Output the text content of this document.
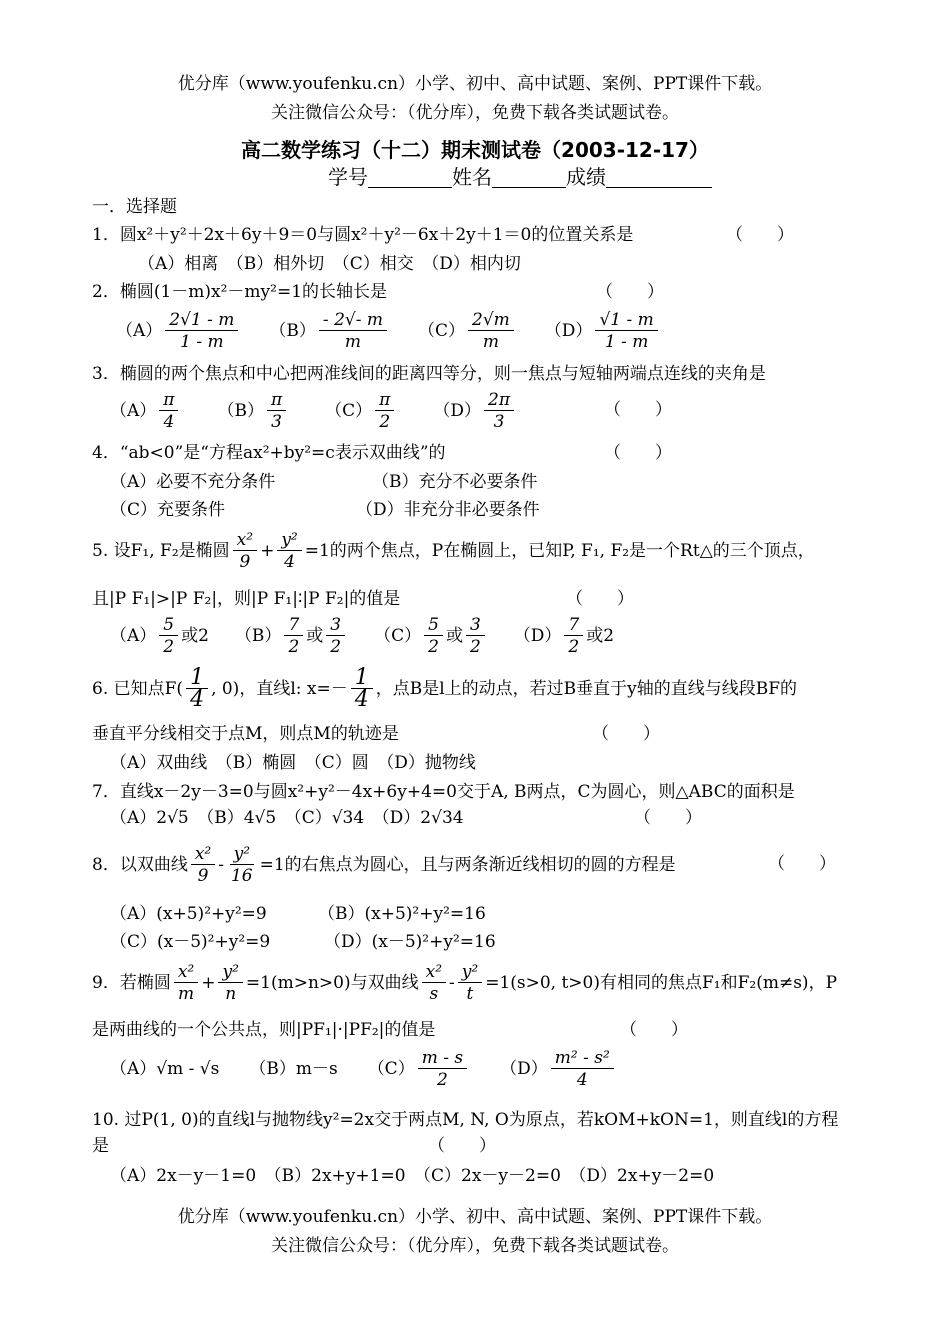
优分库（www.youfenku.cn）小学、初中、高中试题、案例、PPT课件下载。
关注微信公众号：（优分库），免费下载各类试题试卷。
高二数学练习（十二）期末测试卷（2003-12-17）
学号	姓名	成绩
一．选择题
1．圆x²＋y²＋2x＋6y＋9＝0与圆x²＋y²－6x＋2y＋1＝0的位置关系是	（　　）
（A）相离　（B）相外切　（C）相交　（D）相内切
2．椭圆(1－m)x²－my²=1的长轴长是	（　　）
$(A) \frac{2√1 - m}{1 - m} (B) \frac{- 2√- m}{m} (C) \frac{2√m}{m} (D) \frac{√1 - m}{1 - m}$
3．椭圆的两个焦点和中心把两准线间的距离四等分，则一焦点与短轴两端点连线的夹角是
$(A) \frac{\pi}{4} (B) \frac{\pi}{3} (C) \frac{\pi}{2} (D) \frac{2\pi}{3}$	（　　）
4．“ab<0”是“方程ax²+by²=c表示双曲线”的	（　　）
（A）必要不充分条件	（B）充分不必要条件
（C）充要条件	（D）非充分非必要条件
5. 设F₁, F₂是椭圆 $\frac{\text{x²}}{9} + \frac{\text{y²}}{4} =1$的两个焦点，P在椭圆上，已知P, F₁, F₂是一个Rt△的三个顶点，
且|P F₁|>|P F₂|，则|P F₁|∶|P F₂|的值是	（　　）
$(A) \frac{5}{2}$ 或2 $(B) \frac{7}{2}$ 或 $\frac{3}{2} (C) \frac{5}{2}$ 或 $\frac{3}{2} (D) \frac{7}{2}$ 或2
6. 已知点$F( \frac{1}{4}$ , 0)，直线l: $x=- \frac{1}{4}$ ，点B是l上的动点，若过B垂直于y轴的直线与线段BF的
垂直平分线相交于点M，则点M的轨迹是	（　　）
（A）双曲线　（B）椭圆　（C）圆　（D）抛物线
7．直线x－2y－3=0与圆x²+y²－4x+6y+4=0交于A, B两点，C为圆心，则△ABC的面积是
（A）2√5　（B）4√5　（C）√34　（D）2√34	（　　）
8．以双曲线 $\frac{\text{x²}}{9} - \frac{\text{y²}}{16} =1$的右焦点为圆心，且与两条渐近线相切的圆的方程是	（　　）
（A）(x+5)²+y²=9	（B）(x+5)²+y²=16
（C）(x－5)²+y²=9	（D）(x－5)²+y²=16
9．若椭圆 $\frac{\text{x²}}{m} + \frac{\text{y²}}{n} =1(m>n>0)$与双曲线 $\frac{\text{x²}}{s} - \frac{\text{y²}}{t} =1(s>0$, t>0)有相同的焦点F₁和F₂(m≠s)，P
是两曲线的一个公共点，则|PF₁|·|PF₂|的值是	（　　）
（A）√m - √s （B）m－s $(C) \frac{m - s}{2} (D) \frac{\text{m² - s²}}{4}$
10. 过P(1, 0)的直线l与抛物线y²=2x交于两点M, N, O为原点，若kOM+kON=1，则直线l的方程
是	（　　）
（A）2x－y－1=0　（B）2x+y+1=0　（C）2x－y－2=0　（D）2x+y－2=0
优分库（www.youfenku.cn）小学、初中、高中试题、案例、PPT课件下载。
关注微信公众号：（优分库），免费下载各类试题试卷。
